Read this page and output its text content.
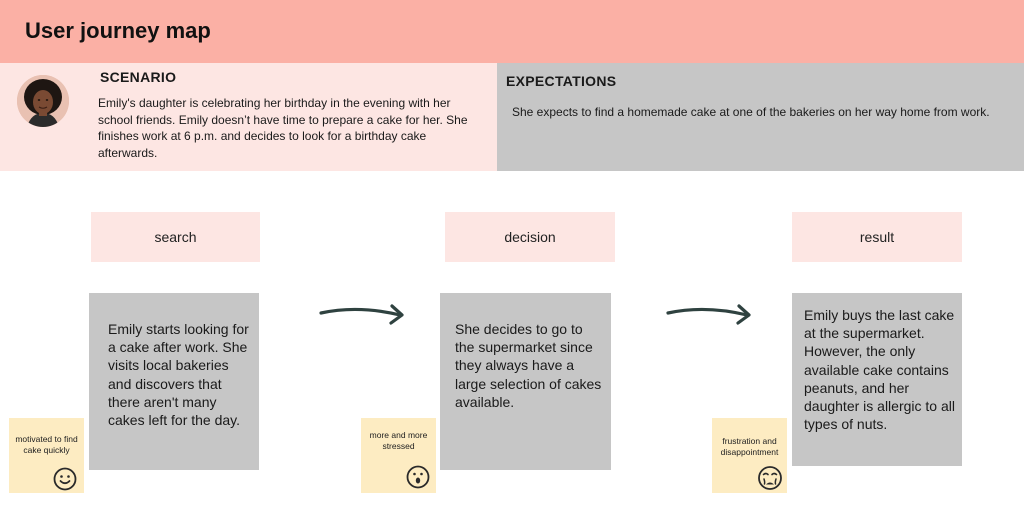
User journey map
SCENARIO
Emily's daughter is celebrating her birthday in the evening with her school friends. Emily doesn’t have time to prepare a cake for her. She finishes work at 6 p.m. and decides to look for a birthday cake afterwards.
EXPECTATIONS
She expects to find a homemade cake at one of the bakeries on her way home from work.
search	decision	result
Emily starts looking for a cake after work. She visits local bakeries and discovers that there aren't many cakes left for the day.
She decides to go to the supermarket since they always have a large selection of cakes available.
Emily buys the last cake at the supermarket. However, the only available cake contains peanuts, and her daughter is allergic to all types of nuts.
motivated to find cake quickly
more and more stressed	frustration and disappointment
